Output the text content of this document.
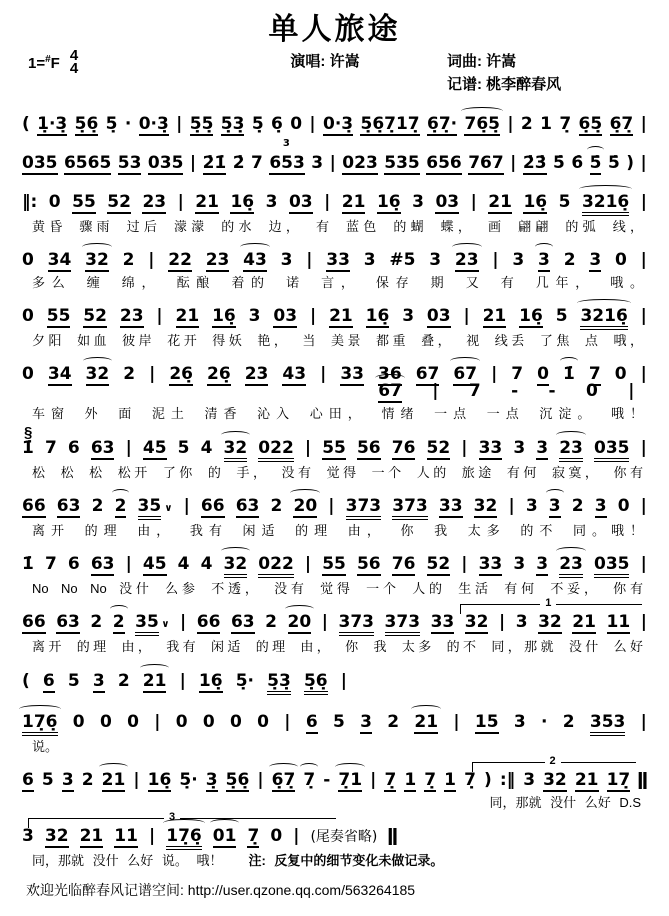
单人旅途
1=#F 4
4	演唱: 许嵩	词曲: 许嵩
记谱: 桃李醉春风
( 1̣·3̣ 5̣6̣ 5̣ · 0·3̣ | 5̣5̣ 5̣3̣ 5̣ 6̣ 0 | 0·3̣ 5̣6̣7̣17̣ 6̣7̣· 76̣5̣ | 2 1 7̣ 6̣5̣ 6̣7̣ |
035 6565 53 035 | 2̇1̇ 2̇ 7 653 3 3 | 023 535 656 767 | 2̇3̇ 5̇ 6̇ 5̇ 5̇ ) |
‖: 0 55 52 23 | 21 16̣ 3 03 | 21 16̣ 3 03 | 21 16̣ 5 3216̣ |
黄昏 骤雨 过后 濛濛 的水 边， 有 蓝色 的蝴 蝶， 画 翩翩 的弧 线，
0 34 32 2 | 22 23 43 3 | 33 3 #5 3 23 | 3 3 2 3 0 |
多么 缠 绵， 酝酿 着的 诺 言， 保存 期 又 有 几年， 哦。
0 55 52 23 | 21 16̣ 3 03 | 21 16̣ 3 03 | 21 16̣ 5 3216̣ |
夕阳 如血 彼岸 花开 得妖 艳， 当 美景 都重 叠， 视 线丢 了焦 点 哦，
0 34 32 2 | 26̣ 26̣ 23 43 | 33 36 67 67 | 7 0 1̇ 7 0 |
67 | 7 - - 0 |
车窗 外 面 泥土 清香 沁入 心田， 情绪 一点 一点 沉淀。 哦！
§
1̇ 7 6 63 | 45 5 4 32 022 | 55 56 76 52 | 33 3 3 23 035 |
松 松 松 松开 了你 的 手， 没有 觉得 一个 人的 旅途 有何 寂寞， 你有
66 63 2 2 35 ∨ | 66 63 2 20 | 373 373 33 32 | 3 3 2 3 0 |
离开 的理 由， 我有 闲适 的理 由， 你 我 太多 的不 同。哦！
1̇ 7 6 63 | 45 4 4 32 022 | 55 56 76 52 | 33 3 3 23 035 |
No No No 没什 么参 不透， 没有 觉得 一个 人的 生活 有何 不妥， 你有
1
66 63 2 2 35 ∨ | 66 63 2 20 | 373 373 33 32 | 3 32 21 11 |
离开 的理 由， 我有 闲适 的理 由， 你 我 太多 的不 同，那就 没什 么好
( 6 5 3 2 21 | 16̣ 5̣· 5̣3̣ 5̣6̣ |
17̣6̣ 0 0 0 | 0 0 0 0 | 6 5 3 2 21 | 15 3 · 2 353 |
说。
2
6 5 3 2 21 | 16̣ 5̣· 3̣ 5̣6̣ | 6̣7̣ 7̣ - 7̣1 | 7̣ 1 7̣ 1 7̣ ) :‖ 3 32 21 17̣ ‖
同，那就 没什 么好 D.S
3
3 32 21 11 | 17̣6̣ 01 7̣ 0 | (尾奏省略) ‖
同，那就 没什 么好 说。 哦！ 注: 反复中的细节变化未做记录。
欢迎光临醉春风记谱空间: http://user.qzone.qq.com/563264185
